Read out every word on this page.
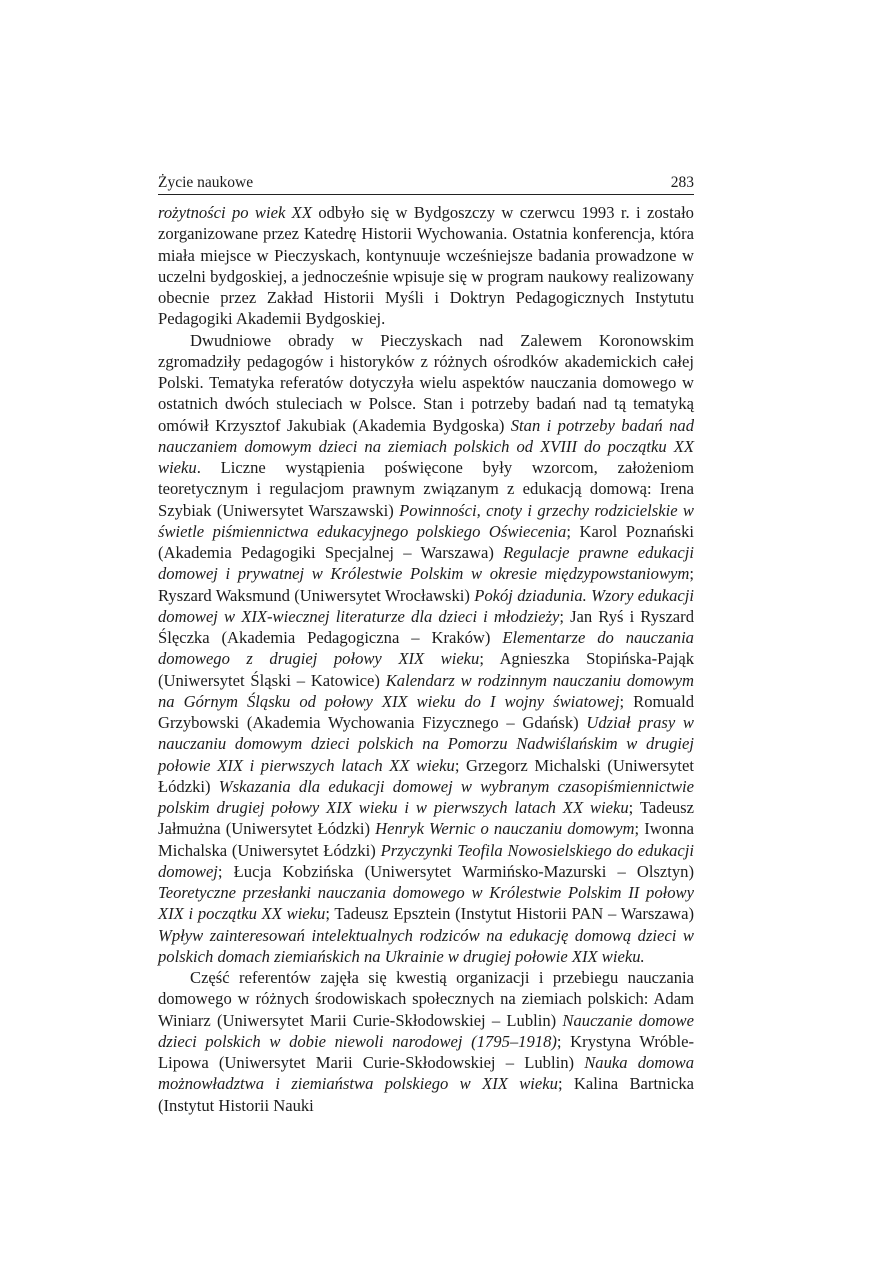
Życie naukowe	283

rożytności po wiek XX odbyło się w Bydgoszczy w czerwcu 1993 r. i zostało zorganizowane przez Katedrę Historii Wychowania. Ostatnia konferencja, która miała miejsce w Pieczyskach, kontynuuje wcześniejsze badania prowadzone w uczelni bydgoskiej, a jednocześnie wpisuje się w program naukowy realizowany obecnie przez Zakład Historii Myśli i Doktryn Pedagogicznych Instytutu Pedagogiki Akademii Bydgoskiej.

Dwudniowe obrady w Pieczyskach nad Zalewem Koronowskim zgromadziły pedagogów i historyków z różnych ośrodków akademickich całej Polski. Tematyka referatów dotyczyła wielu aspektów nauczania domowego w ostatnich dwóch stuleciach w Polsce. Stan i potrzeby badań nad tą tematyką omówił Krzysztof Jakubiak (Akademia Bydgoska) Stan i potrzeby badań nad nauczaniem domowym dzieci na ziemiach polskich od XVIII do początku XX wieku. Liczne wystąpienia poświęcone były wzorcom, założeniom teoretycznym i regulacjom prawnym związanym z edukacją domową: Irena Szybiak (Uniwersytet Warszawski) Powinności, cnoty i grzechy rodzicielskie w świetle piśmiennictwa edukacyjnego polskiego Oświecenia; Karol Poznański (Akademia Pedagogiki Specjalnej – Warszawa) Regulacje prawne edukacji domowej i prywatnej w Królestwie Polskim w okresie międzypowstaniowym; Ryszard Waksmund (Uniwersytet Wrocławski) Pokój dziadunia. Wzory edukacji domowej w XIX-wiecznej literaturze dla dzieci i młodzieży; Jan Ryś i Ryszard Ślęczka (Akademia Pedagogiczna – Kraków) Elementarze do nauczania domowego z drugiej połowy XIX wieku; Agnieszka Stopińska-Pająk (Uniwersytet Śląski – Katowice) Kalendarz w rodzinnym nauczaniu domowym na Górnym Śląsku od połowy XIX wieku do I wojny światowej; Romuald Grzybowski (Akademia Wychowania Fizycznego – Gdańsk) Udział prasy w nauczaniu domowym dzieci polskich na Pomorzu Nadwiślańskim w drugiej połowie XIX i pierwszych latach XX wieku; Grzegorz Michalski (Uniwersytet Łódzki) Wskazania dla edukacji domowej w wybranym czasopiśmiennictwie polskim drugiej połowy XIX wieku i w pierwszych latach XX wieku; Tadeusz Jałmużna (Uniwersytet Łódzki) Henryk Wernic o nauczaniu domowym; Iwonna Michalska (Uniwersytet Łódzki) Przyczynki Teofila Nowosielskiego do edukacji domowej; Łucja Kobzińska (Uniwersytet Warmińsko-Mazurski – Olsztyn) Teoretyczne przesłanki nauczania domowego w Królestwie Polskim II połowy XIX i początku XX wieku; Tadeusz Epsztein (Instytut Historii PAN – Warszawa) Wpływ zainteresowań intelektualnych rodziców na edukację domową dzieci w polskich domach ziemiańskich na Ukrainie w drugiej połowie XIX wieku.

Część referentów zajęła się kwestią organizacji i przebiegu nauczania domowego w różnych środowiskach społecznych na ziemiach polskich: Adam Winiarz (Uniwersytet Marii Curie-Skłodowskiej – Lublin) Nauczanie domowe dzieci polskich w dobie niewoli narodowej (1795–1918); Krystyna Wróble-Lipowa (Uniwersytet Marii Curie-Skłodowskiej – Lublin) Nauka domowa możnowładztwa i ziemiaństwa polskiego w XIX wieku; Kalina Bartnicka (Instytut Historii Nauki
